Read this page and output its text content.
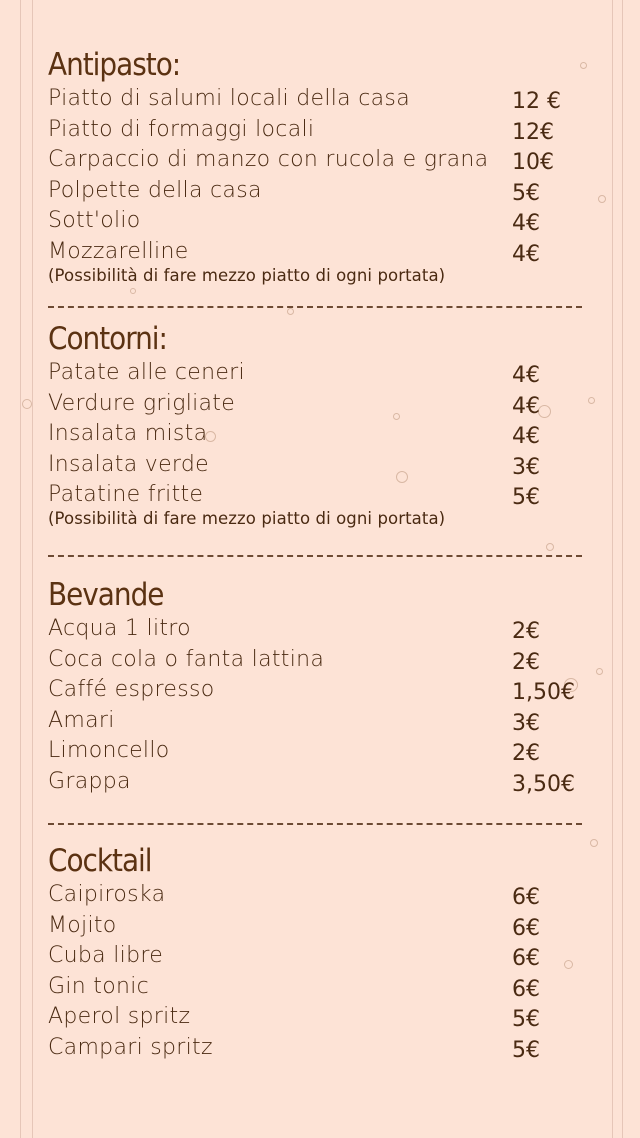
Antipasto:
Piatto di salumi locali della casa	12 €
Piatto di formaggi locali	12€
Carpaccio di manzo con rucola e grana 10€
Polpette della casa	5€
Sott'olio	4€
Mozzarelline	4€
(Possibilità di fare mezzo piatto di ogni portata)
Contorni:
Patate alle ceneri	4€
Verdure grigliate	4€
Insalata mista	4€
Insalata verde	3€
Patatine fritte	5€
(Possibilità di fare mezzo piatto di ogni portata)
Bevande
Acqua 1 litro	2€
Coca cola o fanta lattina	2€
Caffé espresso	1,50€
Amari	3€
Limoncello	2€
Grappa	3,50€
Cocktail
Caipiroska	6€
Mojito	6€
Cuba libre	6€
Gin tonic	6€
Aperol spritz	5€
Campari spritz	5€
